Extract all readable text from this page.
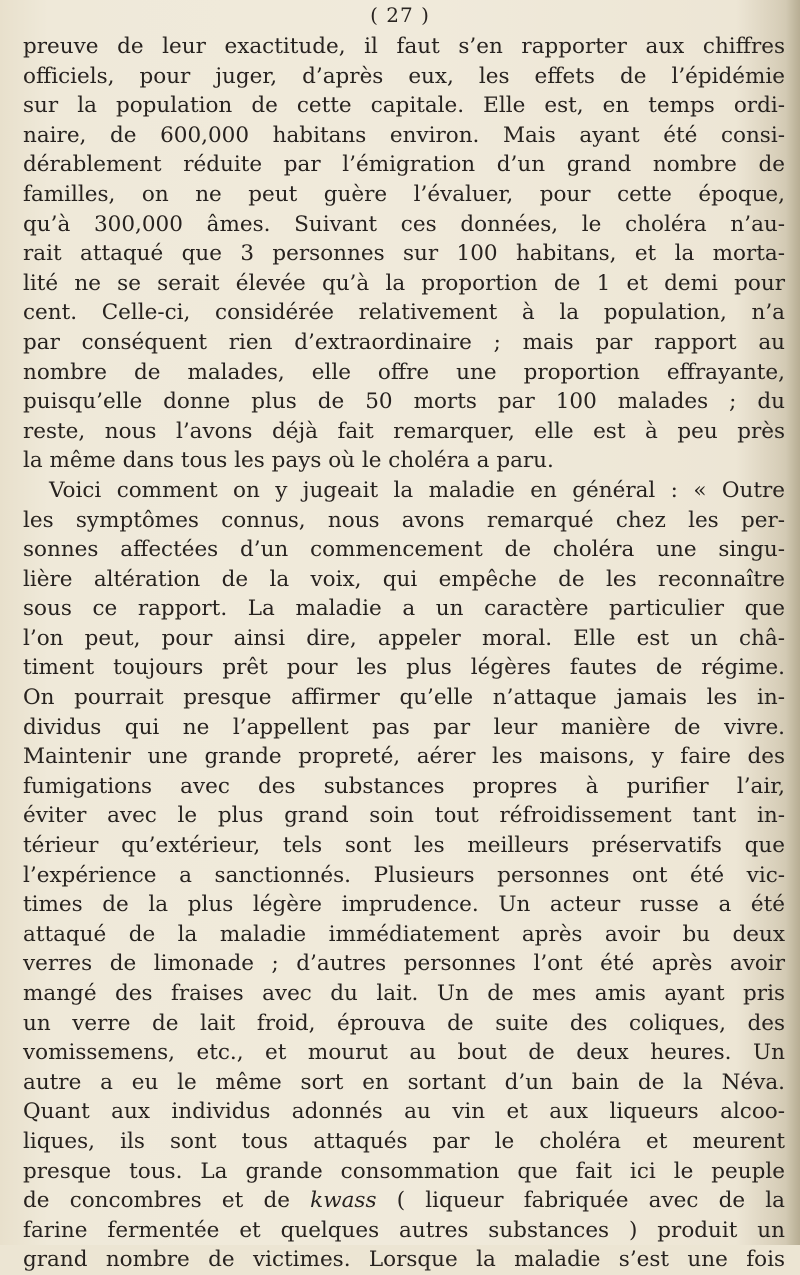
( 27 )

preuve de leur exactitude, il faut s’en rapporter aux chiffres
officiels, pour juger, d’après eux, les effets de l’épidémie
sur la population de cette capitale. Elle est, en temps ordi-
naire, de 600,000 habitans environ. Mais ayant été consi-
dérablement réduite par l’émigration d’un grand nombre de
familles, on ne peut guère l’évaluer, pour cette époque,
qu’à 300,000 âmes. Suivant ces données, le choléra n’au-
rait attaqué que 3 personnes sur 100 habitans, et la morta-
lité ne se serait élevée qu’à la proportion de 1 et demi pour
cent. Celle-ci, considérée relativement à la population, n’a
par conséquent rien d’extraordinaire ; mais par rapport au
nombre de malades, elle offre une proportion effrayante,
puisqu’elle donne plus de 50 morts par 100 malades ; du
reste, nous l’avons déjà fait remarquer, elle est à peu près
la même dans tous les pays où le choléra a paru.

Voici comment on y jugeait la maladie en général : « Outre
les symptômes connus, nous avons remarqué chez les per-
sonnes affectées d’un commencement de choléra une singu-
lière altération de la voix, qui empêche de les reconnaître
sous ce rapport. La maladie a un caractère particulier que
l’on peut, pour ainsi dire, appeler moral. Elle est un châ-
timent toujours prêt pour les plus légères fautes de régime.
On pourrait presque affirmer qu’elle n’attaque jamais les in-
dividus qui ne l’appellent pas par leur manière de vivre.
Maintenir une grande propreté, aérer les maisons, y faire des
fumigations avec des substances propres à purifier l’air,
éviter avec le plus grand soin tout réfroidissement tant in-
térieur qu’extérieur, tels sont les meilleurs préservatifs que
l’expérience a sanctionnés. Plusieurs personnes ont été vic-
times de la plus légère imprudence. Un acteur russe a été
attaqué de la maladie immédiatement après avoir bu deux
verres de limonade ; d’autres personnes l’ont été après avoir
mangé des fraises avec du lait. Un de mes amis ayant pris
un verre de lait froid, éprouva de suite des coliques, des
vomissemens, etc., et mourut au bout de deux heures. Un
autre a eu le même sort en sortant d’un bain de la Néva.
Quant aux individus adonnés au vin et aux liqueurs alcoo-
liques, ils sont tous attaqués par le choléra et meurent
presque tous. La grande consommation que fait ici le peuple
de concombres et de kwass ( liqueur fabriquée avec de la
farine fermentée et quelques autres substances ) produit un
grand nombre de victimes. Lorsque la maladie s’est une fois
